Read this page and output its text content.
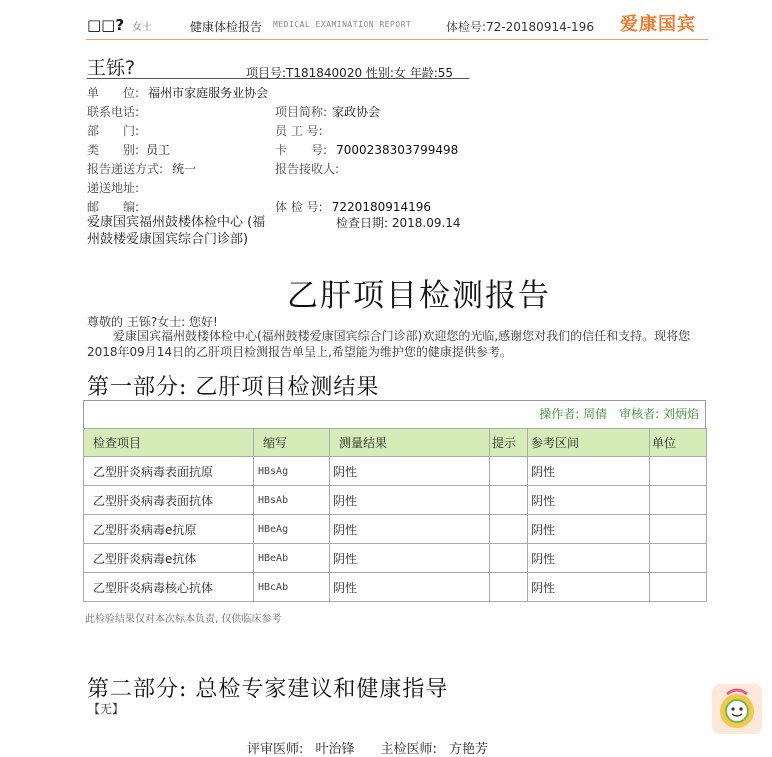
□□? 女士	健康体检报告 MEDICAL EXAMINATION REPORT	体检号:72-20180914-196 爱康国宾
王铄?	项目号:T181840020 性别:女 年龄:55
单　　位: 福州市家庭服务业协会
联系电话:	项目简称: 家政协会
部　　门:	员 工 号:
类　　别: 员工	卡　　号: 7000238303799498
报告递送方式: 统一	报告接收人:
递送地址:
邮　　编:	体 检 号: 7220180914196
爱康国宾福州鼓楼体检中心 (福州鼓楼爱康国宾综合门诊部)
检查日期: 2018.09.14
乙肝项目检测报告
尊敬的 王铄?女士: 您好!
爱康国宾福州鼓楼体检中心(福州鼓楼爱康国宾综合门诊部)欢迎您的光临,感谢您对我们的信任和支持。现将您2018年09月14日的乙肝项目检测报告单呈上,希望能为维护您的健康提供参考。
第一部分: 乙肝项目检测结果
操作者: 周倩　审核者: 刘炳焰
检查项目	缩写	测量结果	提示	参考区间	单位
乙型肝炎病毒表面抗原	HBsAg	阴性		阴性	
乙型肝炎病毒表面抗体	HBsAb	阴性		阴性	
乙型肝炎病毒e抗原	HBeAg	阴性		阴性	
乙型肝炎病毒e抗体	HBeAb	阴性		阴性	
乙型肝炎病毒核心抗体	HBcAb	阴性		阴性	
此检验结果仅对本次标本负责, 仅供临床参考
第二部分: 总检专家建议和健康指导
【无】
评审医师: 叶治锋　　主检医师: 方艳芳
